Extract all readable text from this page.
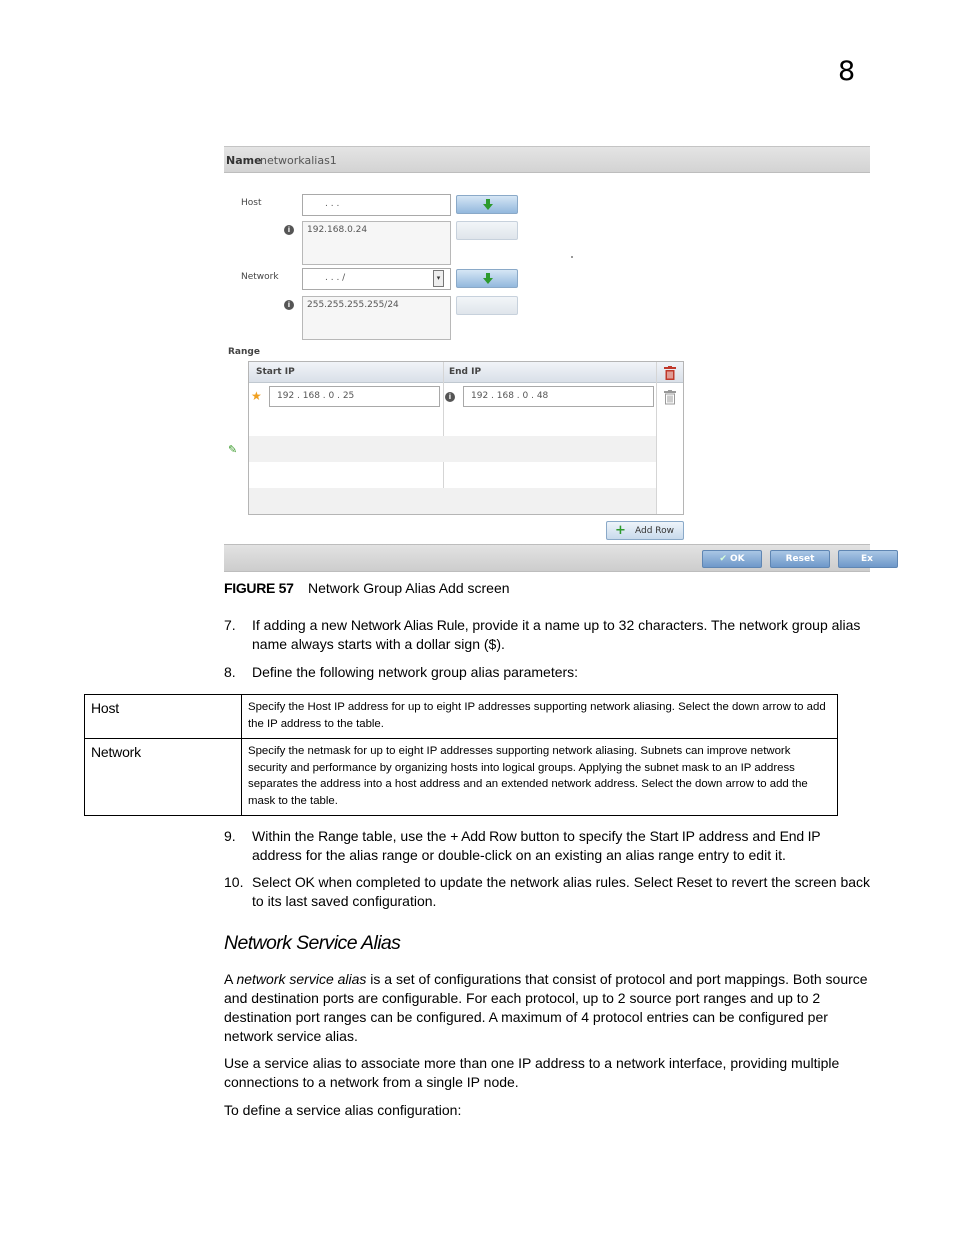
8
Name
networkalias1
Host	. . .
i	192.168.0.24
Network	. . . /	▾
i	255.255.255.255/24
Range
Start IP	End IP
★	192 . 168 . 0 . 25	i	192 . 168 . 0 . 48
✎
+ Add Row
✔ OK	Reset	Ex
FIGURE 57 Network Group Alias Add screen
7. If adding a new Network Alias Rule, provide it a name up to 32 characters. The network group alias name always starts with a dollar sign ($).
8. Define the following network group alias parameters:
Host	Specify the Host IP address for up to eight IP addresses supporting network aliasing. Select the down arrow to add the IP address to the table.
Network	Specify the netmask for up to eight IP addresses supporting network aliasing. Subnets can improve network security and performance by organizing hosts into logical groups. Applying the subnet mask to an IP address separates the address into a host address and an extended network address. Select the down arrow to add the mask to the table.
9. Within the Range table, use the + Add Row button to specify the Start IP address and End IP address for the alias range or double-click on an existing an alias range entry to edit it.
10. Select OK when completed to update the network alias rules. Select Reset to revert the screen back to its last saved configuration.
Network Service Alias
A network service alias is a set of configurations that consist of protocol and port mappings. Both source and destination ports are configurable. For each protocol, up to 2 source port ranges and up to 2 destination port ranges can be configured. A maximum of 4 protocol entries can be configured per network service alias.
Use a service alias to associate more than one IP address to a network interface, providing multiple connections to a network from a single IP node.
To define a service alias configuration:
